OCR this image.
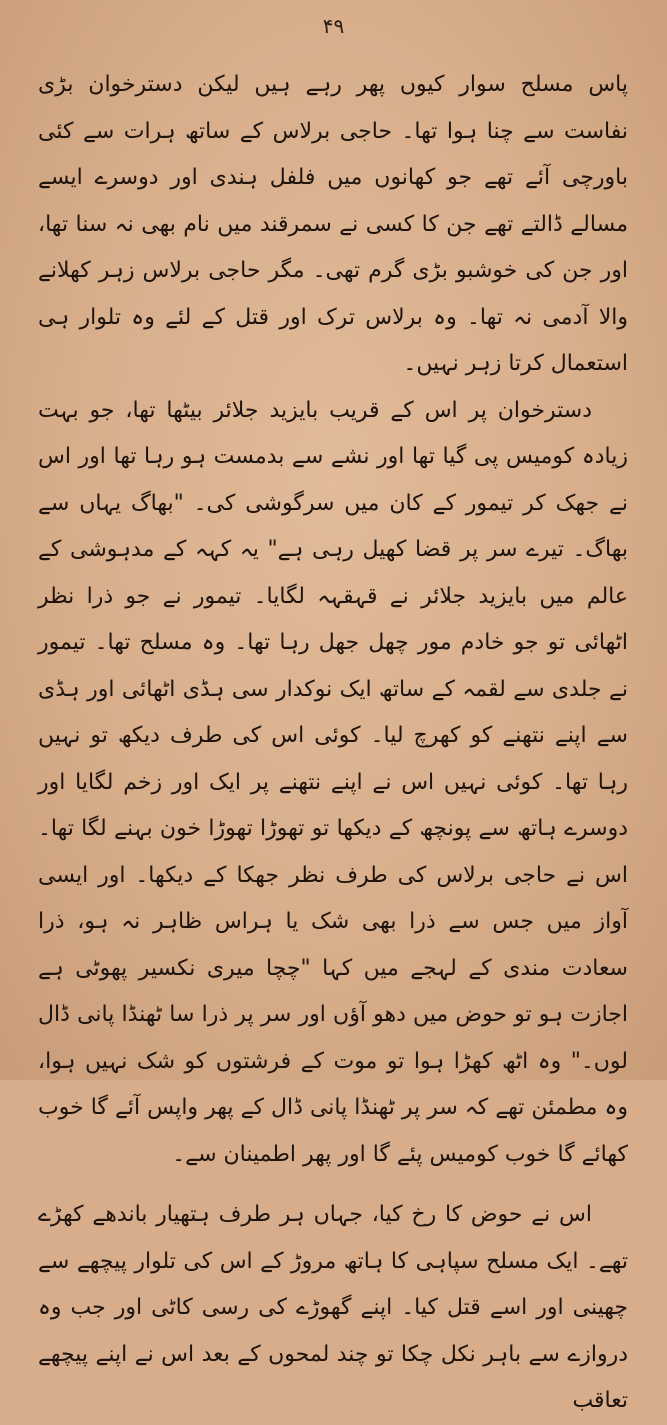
۴۹

پاس مسلح سوار کیوں پھر رہے ہیں لیکن دسترخوان بڑی نفاست سے چنا ہوا تھا۔ حاجی برلاس کے ساتھ ہرات سے کئی باورچی آئے تھے جو کھانوں میں فلفل ہندی اور دوسرے ایسے مسالے ڈالتے تھے جن کا کسی نے سمرقند میں نام بھی نہ سنا تھا، اور جن کی خوشبو بڑی گرم تھی۔ مگر حاجی برلاس زہر کھلانے والا آدمی نہ تھا۔ وہ برلاس ترک اور قتل کے لئے وہ تلوار ہی استعمال کرتا زہر نہیں۔

دسترخوان پر اس کے قریب بایزید جلائر بیٹھا تھا، جو بہت زیادہ کومیس پی گیا تھا اور نشے سے بدمست ہو رہا تھا اور اس نے جھک کر تیمور کے کان میں سرگوشی کی۔ "بھاگ یہاں سے بھاگ۔ تیرے سر پر قضا کھیل رہی ہے" یہ کہہ کے مدہوشی کے عالم میں بایزید جلائر نے قہقہہ لگایا۔ تیمور نے جو ذرا نظر اٹھائی تو جو خادم مور چھل جھل رہا تھا۔ وہ مسلح تھا۔ تیمور نے جلدی سے لقمہ کے ساتھ ایک نوکدار سی ہڈی اٹھائی اور ہڈی سے اپنے نتھنے کو کھرچ لیا۔ کوئی اس کی طرف دیکھ تو نہیں رہا تھا۔ کوئی نہیں اس نے اپنے نتھنے پر ایک اور زخم لگایا اور دوسرے ہاتھ سے پونچھ کے دیکھا تو تھوڑا تھوڑا خون بہنے لگا تھا۔ اس نے حاجی برلاس کی طرف نظر جھکا کے دیکھا۔ اور ایسی آواز میں جس سے ذرا بھی شک یا ہراس ظاہر نہ ہو، ذرا سعادت مندی کے لہجے میں کہا "چچا میری نکسیر پھوٹی ہے اجازت ہو تو حوض میں دھو آؤں اور سر پر ذرا سا ٹھنڈا پانی ڈال لوں۔" وہ اٹھ کھڑا ہوا تو موت کے فرشتوں کو شک نہیں ہوا، وہ مطمئن تھے کہ سر پر ٹھنڈا پانی ڈال کے پھر واپس آئے گا خوب کھائے گا خوب کومیس پئے گا اور پھر اطمینان سے۔

اس نے حوض کا رخ کیا، جہاں ہر طرف ہتھیار باندھے کھڑے تھے۔ ایک مسلح سپاہی کا ہاتھ مروڑ کے اس کی تلوار پیچھے سے چھینی اور اسے قتل کیا۔ اپنے گھوڑے کی رسی کاٹی اور جب وہ دروازے سے باہر نکل چکا تو چند لمحوں کے بعد اس نے اپنے پیچھے تعاقب
